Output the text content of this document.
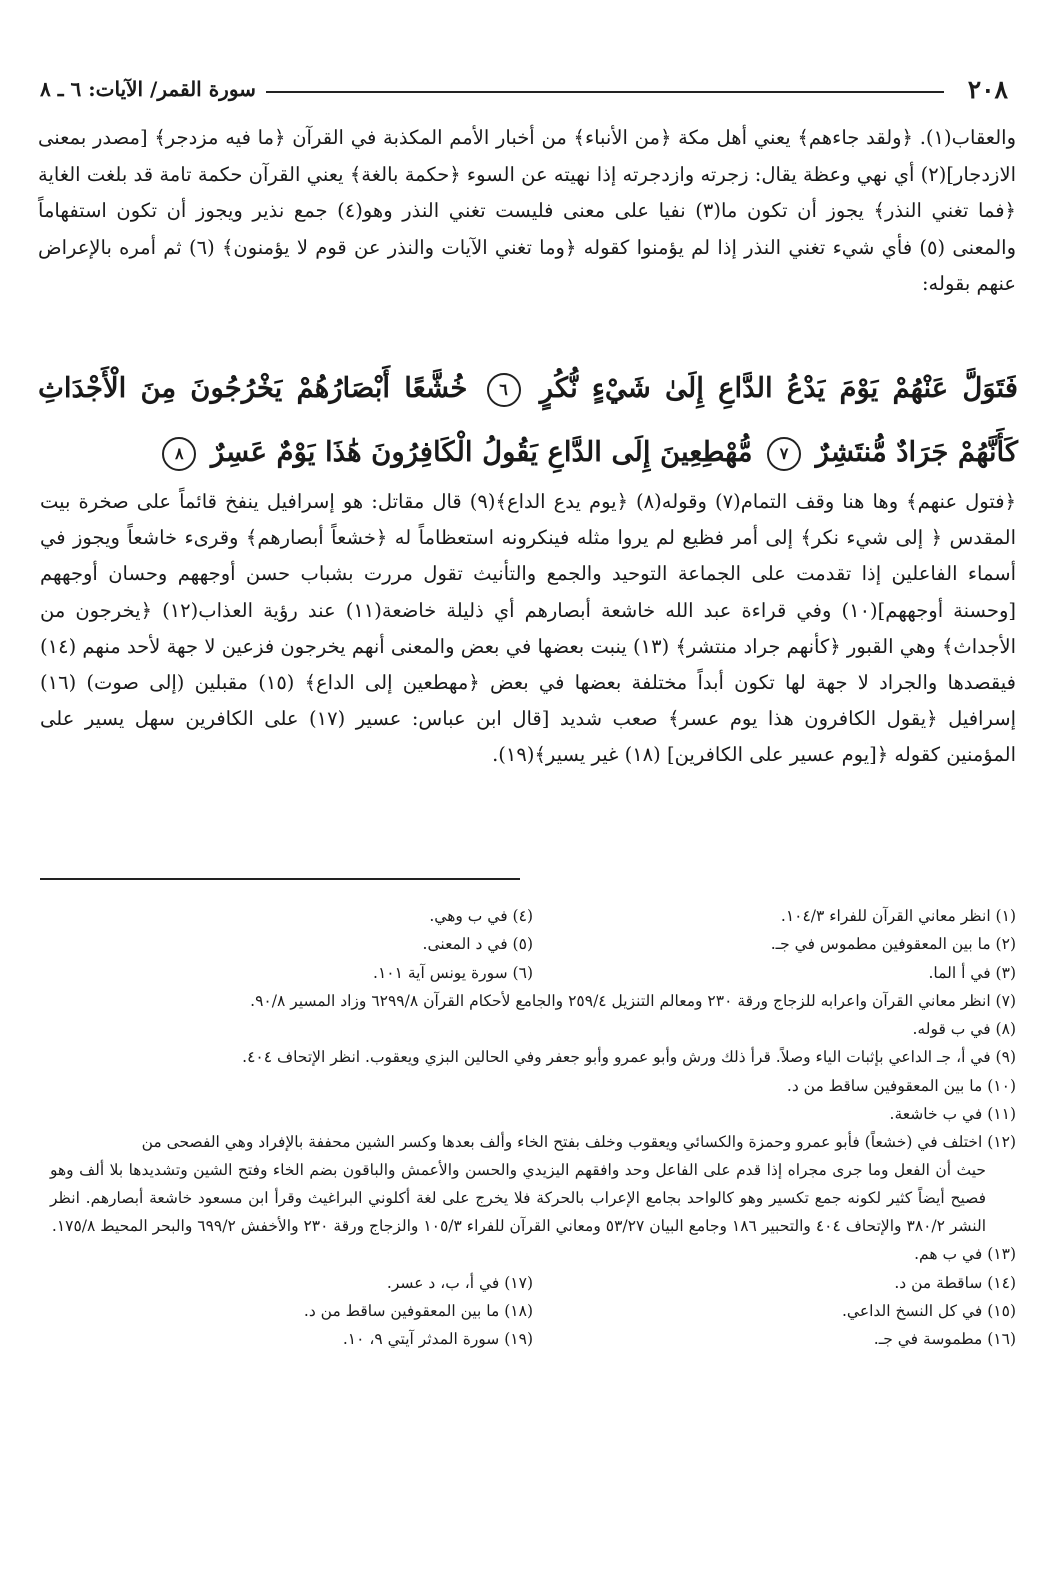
٢٠٨
سورة القمر/ الآيات: ٦ ـ ٨

والعقاب(١). ﴿ولقد جاءهم﴾ يعني أهل مكة ﴿من الأنباء﴾ من أخبار الأمم المكذبة في القرآن ﴿ما فيه مزدجر﴾ [مصدر بمعنى الازدجار](٢) أي نهي وعظة يقال: زجرته وازدجرته إذا نهيته عن السوء ﴿حكمة بالغة﴾ يعني القرآن حكمة تامة قد بلغت الغاية ﴿فما تغني النذر﴾ يجوز أن تكون ما(٣) نفيا على معنى فليست تغني النذر وهو(٤) جمع نذير ويجوز أن تكون استفهاماً والمعنى (٥) فأي شيء تغني النذر إذا لم يؤمنوا كقوله ﴿وما تغني الآيات والنذر عن قوم لا يؤمنون﴾ (٦) ثم أمره بالإعراض عنهم بقوله:

فَتَوَلَّ عَنْهُمْ يَوْمَ يَدْعُ الدَّاعِ إِلَىٰ شَيْءٍ نُّكُرٍ ٦ خُشَّعًا أَبْصَارُهُمْ يَخْرُجُونَ مِنَ الْأَجْدَاثِ كَأَنَّهُمْ جَرَادٌ مُّنتَشِرٌ ٧ مُّهْطِعِينَ إِلَى الدَّاعِ يَقُولُ الْكَافِرُونَ هَٰذَا يَوْمٌ عَسِرٌ ٨

﴿فتول عنهم﴾ وها هنا وقف التمام(٧) وقوله(٨) ﴿يوم يدع الداع﴾(٩) قال مقاتل: هو إسرافيل ينفخ قائماً على صخرة بيت المقدس ﴿ إلى شيء نكر﴾ إلى أمر فظيع لم يروا مثله فينكرونه استعظاماً له ﴿خشعاً أبصارهم﴾ وقرىء خاشعاً ويجوز في أسماء الفاعلين إذا تقدمت على الجماعة التوحيد والجمع والتأنيث تقول مررت بشباب حسن أوجههم وحسان أوجههم [وحسنة أوجههم](١٠) وفي قراءة عبد الله خاشعة أبصارهم أي ذليلة خاضعة(١١) عند رؤية العذاب(١٢) ﴿يخرجون من الأجداث﴾ وهي القبور ﴿كأنهم جراد منتشر﴾ (١٣) ينبت بعضها في بعض والمعنى أنهم يخرجون فزعين لا جهة لأحد منهم (١٤) فيقصدها والجراد لا جهة لها تكون أبداً مختلفة بعضها في بعض ﴿مهطعين إلى الداع﴾ (١٥) مقبلين (إلى صوت) (١٦) إسرافيل ﴿يقول الكافرون هذا يوم عسر﴾ صعب شديد [قال ابن عباس: عسير (١٧) على الكافرين سهل يسير على المؤمنين كقوله ﴿[يوم عسير على الكافرين] (١٨) غير يسير﴾(١٩).

(١) انظر معاني القرآن للفراء ١٠٤/٣.
(٤) في ب وهي.
(٢) ما بين المعقوفين مطموس في جـ.
(٥) في د المعنى.
(٣) في أ الما.
(٦) سورة يونس آية ١٠١.
(٧) انظر معاني القرآن واعرابه للزجاج ورقة ٢٣٠ ومعالم التنزيل ٢٥٩/٤ والجامع لأحكام القرآن ٦٢٩٩/٨ وزاد المسير ٩٠/٨.
(٨) في ب قوله.
(٩) في أ، جـ الداعي بإثبات الياء وصلاً. قرأ ذلك ورش وأبو عمرو وأبو جعفر وفي الحالين البزي ويعقوب. انظر الإتحاف ٤٠٤.
(١٠) ما بين المعقوفين ساقط من د.
(١١) في ب خاشعة.
(١٢) اختلف في (خشعاً) فأبو عمرو وحمزة والكسائي ويعقوب وخلف بفتح الخاء وألف بعدها وكسر الشين محففة بالإفراد وهي الفصحى من
حيث أن الفعل وما جرى مجراه إذا قدم على الفاعل وحد وافقهم اليزيدي والحسن والأعمش والباقون بضم الخاء وفتح الشين وتشديدها بلا ألف وهو فصيح أيضاً كثير لكونه جمع تكسير وهو كالواحد بجامع الإعراب بالحركة فلا يخرج على لغة أكلوني البراغيث وقرأ ابن مسعود خاشعة أبصارهم. انظر النشر ٣٨٠/٢ والإتحاف ٤٠٤ والتحبير ١٨٦ وجامع البيان ٥٣/٢٧ ومعاني القرآن للفراء ١٠٥/٣ والزجاج ورقة ٢٣٠ والأخفش ٦٩٩/٢ والبحر المحيط ١٧٥/٨.
(١٣) في ب هم.
(١٤) ساقطة من د.
(١٧) في أ، ب، د عسر.
(١٥) في كل النسخ الداعي.
(١٨) ما بين المعقوفين ساقط من د.
(١٦) مطموسة في جـ.
(١٩) سورة المدثر آيتي ٩، ١٠.
